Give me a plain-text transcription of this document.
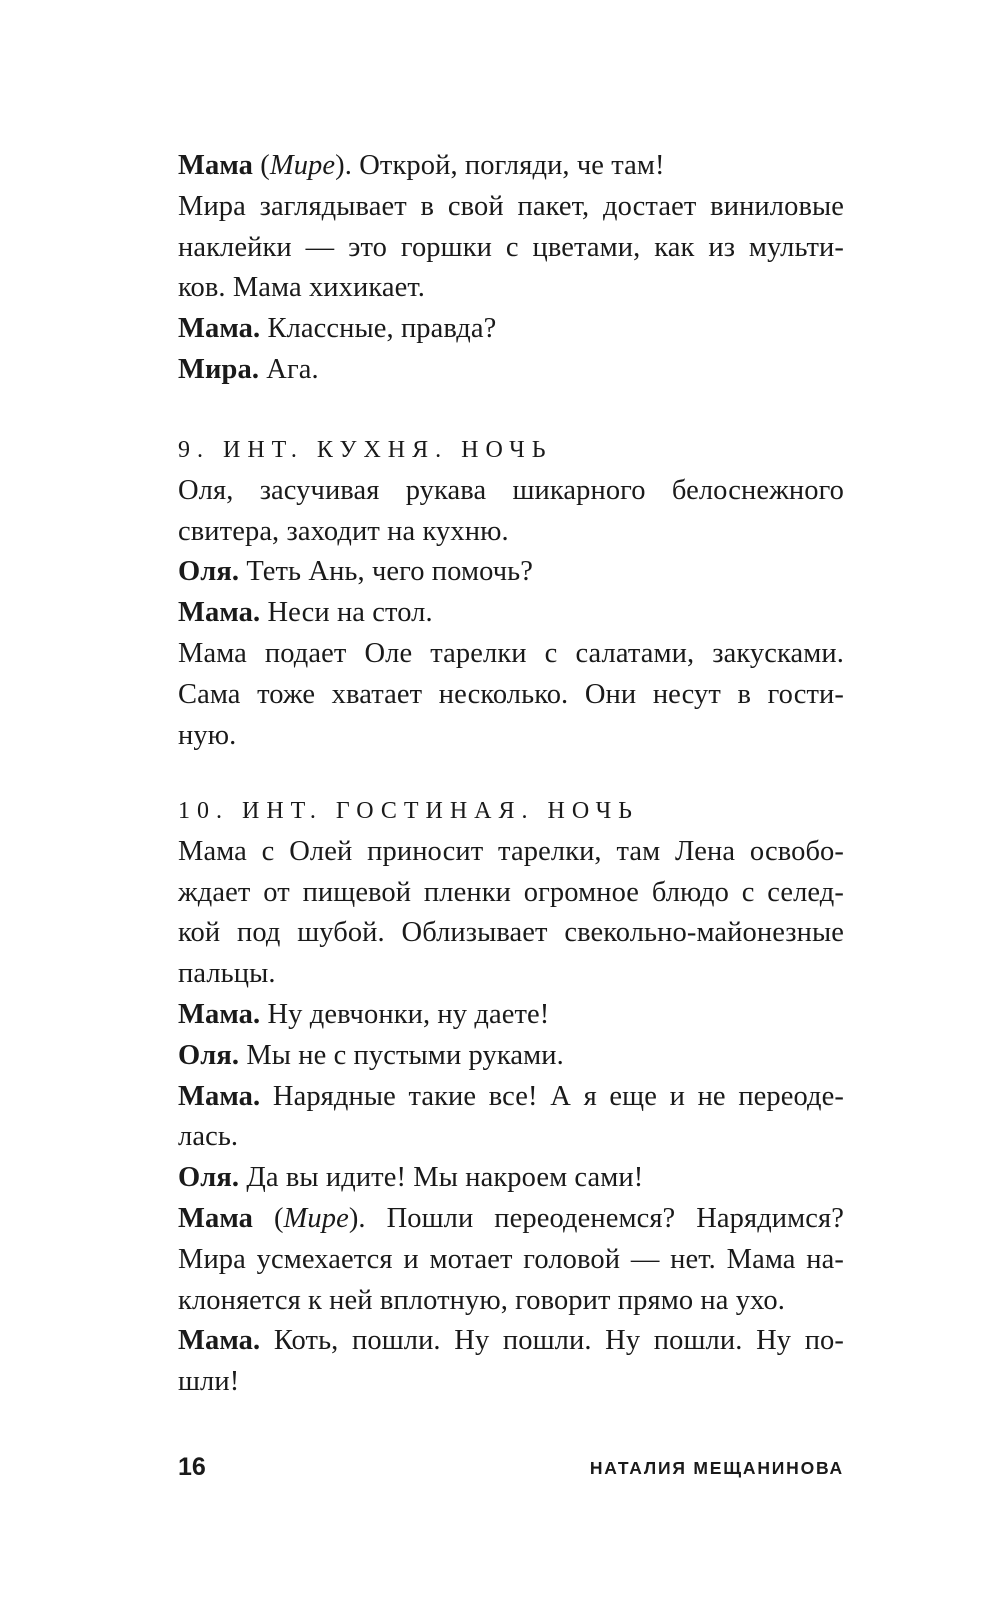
Мама (Мире). Открой, погляди, че там!
Мира заглядывает в свой пакет, достает виниловые
наклейки — это горшки с цветами, как из мульти-
ков. Мама хихикает.
Мама. Классные, правда?
Мира. Ага.
9. ИНТ. КУХНЯ. НОЧЬ
Оля, засучивая рукава шикарного белоснежного
свитера, заходит на кухню.
Оля. Теть Ань, чего помочь?
Мама. Неси на стол.
Мама подает Оле тарелки с салатами, закусками.
Сама тоже хватает несколько. Они несут в гости-
ную.
10. ИНТ. ГОСТИНАЯ. НОЧЬ
Мама с Олей приносит тарелки, там Лена освобо-
ждает от пищевой пленки огромное блюдо с селед-
кой под шубой. Облизывает свекольно-майонезные
пальцы.
Мама. Ну девчонки, ну даете!
Оля. Мы не с пустыми руками.
Мама. Нарядные такие все! А я еще и не переоде-
лась.
Оля. Да вы идите! Мы накроем сами!
Мама (Мире). Пошли переоденемся? Нарядимся?
Мира усмехается и мотает головой — нет. Мама на-
клоняется к ней вплотную, говорит прямо на ухо.
Мама. Коть, пошли. Ну пошли. Ну пошли. Ну по-
шли!
16	НАТАЛИЯ МЕЩАНИНОВА
